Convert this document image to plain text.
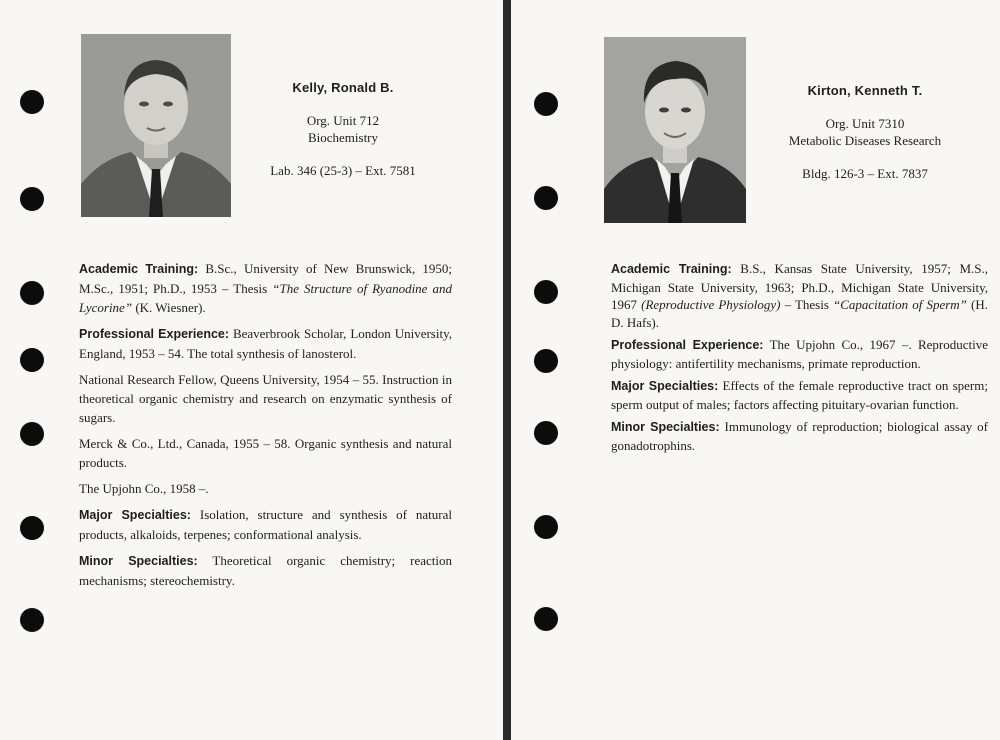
Kelly, Ronald B.
Org. Unit 712
Biochemistry
Lab. 346 (25-3) – Ext. 7581

Academic Training: B.Sc., University of New Brunswick, 1950; M.Sc., 1951; Ph.D., 1953 – Thesis “The Structure of Ryanodine and Lycorine” (K. Wiesner).

Professional Experience: Beaverbrook Scholar, London University, England, 1953 – 54. The total synthesis of lanosterol.

National Research Fellow, Queens University, 1954 – 55. Instruction in theoretical organic chemistry and research on enzymatic synthesis of sugars.

Merck & Co., Ltd., Canada, 1955 – 58. Organic synthesis and natural products.

The Upjohn Co., 1958 –.

Major Specialties: Isolation, structure and synthesis of natural products, alkaloids, terpenes; conformational analysis.

Minor Specialties: Theoretical organic chemistry; reaction mechanisms; stereochemistry.

Kirton, Kenneth T.
Org. Unit 7310
Metabolic Diseases Research
Bldg. 126-3 – Ext. 7837

Academic Training: B.S., Kansas State University, 1957; M.S., Michigan State University, 1963; Ph.D., Michigan State University, 1967 (Reproductive Physiology) – Thesis “Capacitation of Sperm” (H. D. Hafs).

Professional Experience: The Upjohn Co., 1967 –. Reproductive physiology: antifertility mechanisms, primate reproduction.

Major Specialties: Effects of the female reproductive tract on sperm; sperm output of males; factors affecting pituitary-ovarian function.

Minor Specialties: Immunology of reproduction; biological assay of gonadotrophins.
